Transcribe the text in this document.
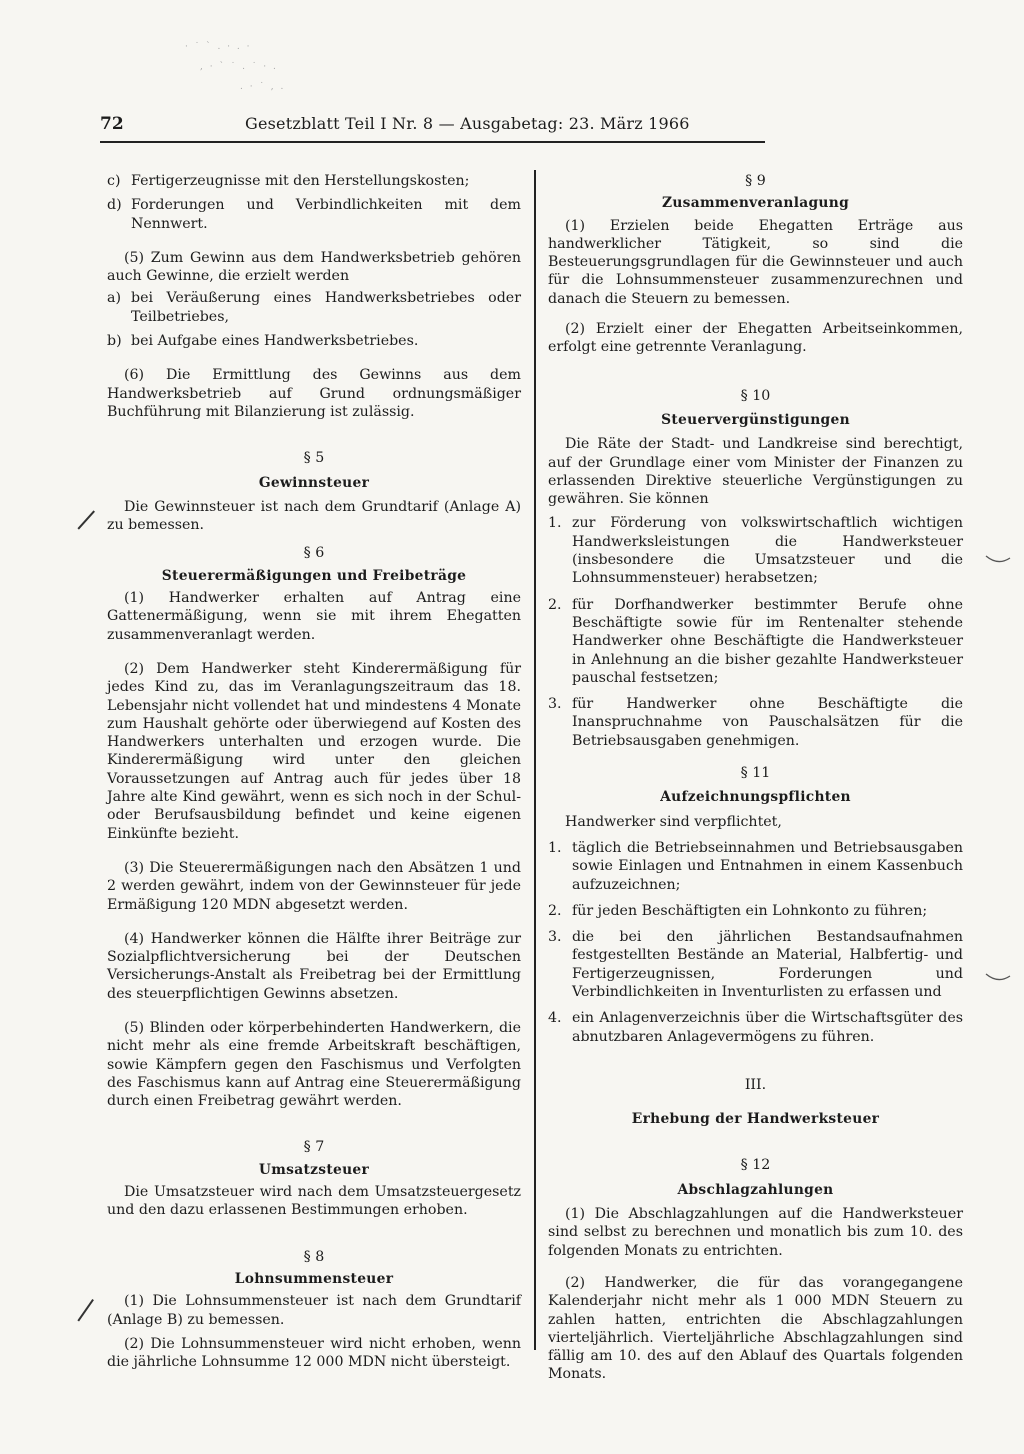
· ˙ ` . · . ·
, · ` ˙ . ˙ · .
. · ˙ , .
72	Gesetzblatt Teil I Nr. 8 — Ausgabetag: 23. März 1966
c) Fertigerzeugnisse mit den Herstellungskosten;
d) Forderungen und Verbindlichkeiten mit dem Nennwert.

(5) Zum Gewinn aus dem Handwerksbetrieb gehören auch Gewinne, die erzielt werden

a) bei Veräußerung eines Handwerksbetriebes oder Teilbetriebes,
b) bei Aufgabe eines Handwerksbetriebes.

(6) Die Ermittlung des Gewinns aus dem Handwerksbetrieb auf Grund ordnungsmäßiger Buchführung mit Bilanzierung ist zulässig.

§ 5

Gewinnsteuer

Die Gewinnsteuer ist nach dem Grundtarif (Anlage A) zu bemessen.

§ 6

Steuerermäßigungen und Freibeträge

(1) Handwerker erhalten auf Antrag eine Gattenermäßigung, wenn sie mit ihrem Ehegatten zusammenveranlagt werden.

(2) Dem Handwerker steht Kinderermäßigung für jedes Kind zu, das im Veranlagungszeitraum das 18. Lebensjahr nicht vollendet hat und mindestens 4 Monate zum Haushalt gehörte oder überwiegend auf Kosten des Handwerkers unterhalten und erzogen wurde. Die Kinderermäßigung wird unter den gleichen Voraussetzungen auf Antrag auch für jedes über 18 Jahre alte Kind gewährt, wenn es sich noch in der Schul- oder Berufsausbildung befindet und keine eigenen Einkünfte bezieht.

(3) Die Steuerermäßigungen nach den Absätzen 1 und 2 werden gewährt, indem von der Gewinnsteuer für jede Ermäßigung 120 MDN abgesetzt werden.

(4) Handwerker können die Hälfte ihrer Beiträge zur Sozialpflichtversicherung bei der Deutschen Versicherungs-Anstalt als Freibetrag bei der Ermittlung des steuerpflichtigen Gewinns absetzen.

(5) Blinden oder körperbehinderten Handwerkern, die nicht mehr als eine fremde Arbeitskraft beschäftigen, sowie Kämpfern gegen den Faschismus und Verfolgten des Faschismus kann auf Antrag eine Steuerermäßigung durch einen Freibetrag gewährt werden.

§ 7

Umsatzsteuer

Die Umsatzsteuer wird nach dem Umsatzsteuergesetz und den dazu erlassenen Bestimmungen erhoben.

§ 8

Lohnsummensteuer

(1) Die Lohnsummensteuer ist nach dem Grundtarif (Anlage B) zu bemessen.

(2) Die Lohnsummensteuer wird nicht erhoben, wenn die jährliche Lohnsumme 12 000 MDN nicht übersteigt.

§ 9

Zusammenveranlagung

(1) Erzielen beide Ehegatten Erträge aus handwerklicher Tätigkeit, so sind die Besteuerungsgrundlagen für die Gewinnsteuer und auch für die Lohnsummensteuer zusammenzurechnen und danach die Steuern zu bemessen.

(2) Erzielt einer der Ehegatten Arbeitseinkommen, erfolgt eine getrennte Veranlagung.

§ 10

Steuervergünstigungen

Die Räte der Stadt- und Landkreise sind berechtigt, auf der Grundlage einer vom Minister der Finanzen zu erlassenden Direktive steuerliche Vergünstigungen zu gewähren. Sie können

1. zur Förderung von volkswirtschaftlich wichtigen Handwerksleistungen die Handwerksteuer (insbesondere die Umsatzsteuer und die Lohnsummensteuer) herabsetzen;
2. für Dorfhandwerker bestimmter Berufe ohne Beschäftigte sowie für im Rentenalter stehende Handwerker ohne Beschäftigte die Handwerksteuer in Anlehnung an die bisher gezahlte Handwerksteuer pauschal festsetzen;
3. für Handwerker ohne Beschäftigte die Inanspruchnahme von Pauschalsätzen für die Betriebsausgaben genehmigen.

§ 11

Aufzeichnungspflichten

Handwerker sind verpflichtet,

1. täglich die Betriebseinnahmen und Betriebsausgaben sowie Einlagen und Entnahmen in einem Kassenbuch aufzuzeichnen;
2. für jeden Beschäftigten ein Lohnkonto zu führen;
3. die bei den jährlichen Bestandsaufnahmen festgestellten Bestände an Material, Halbfertig- und Fertigerzeugnissen, Forderungen und Verbindlichkeiten in Inventurlisten zu erfassen und
4. ein Anlagenverzeichnis über die Wirtschaftsgüter des abnutzbaren Anlagevermögens zu führen.

III.

Erhebung der Handwerksteuer

§ 12

Abschlagzahlungen

(1) Die Abschlagzahlungen auf die Handwerksteuer sind selbst zu berechnen und monatlich bis zum 10. des folgenden Monats zu entrichten.

(2) Handwerker, die für das vorangegangene Kalenderjahr nicht mehr als 1 000 MDN Steuern zu zahlen hatten, entrichten die Abschlagzahlungen vierteljährlich. Vierteljährliche Abschlagzahlungen sind fällig am 10. des auf den Ablauf des Quartals folgenden Monats.
